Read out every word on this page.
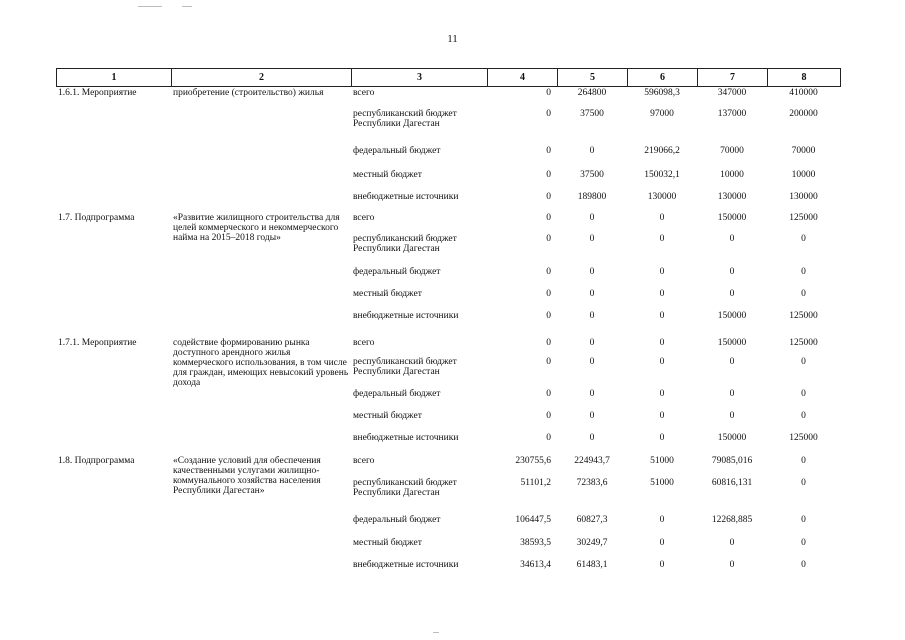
11
1	2	3	4	5	6	7	8
1.6.1. Мероприятие	приобретение (строительство) жилья	всего	0	264800	596098,3	347000	410000
		республиканский бюджет Республики Дагестан	0	37500	97000	137000	200000
		федеральный бюджет	0	0	219066,2	70000	70000
		местный бюджет	0	37500	150032,1	10000	10000
		внебюджетные источники	0	189800	130000	130000	130000
1.7. Подпрограмма	«Развитие жилищного строительства для целей коммерческого и некоммерческого найма на 2015–2018 годы»	всего	0	0	0	150000	125000
		республиканский бюджет Республики Дагестан	0	0	0	0	0
		федеральный бюджет	0	0	0	0	0
		местный бюджет	0	0	0	0	0
		внебюджетные источники	0	0	0	150000	125000
1.7.1. Мероприятие	содействие формированию рынка доступного арендного жилья коммерческого использования, в том числе для граждан, имеющих невысокий уровень дохода	всего	0	0	0	150000	125000
		республиканский бюджет Республики Дагестан	0	0	0	0	0
		федеральный бюджет	0	0	0	0	0
		местный бюджет	0	0	0	0	0
		внебюджетные источники	0	0	0	150000	125000
1.8. Подпрограмма	«Создание условий для обеспечения качественными услугами жилищно-коммунального хозяйства населения Республики Дагестан»	всего	230755,6	224943,7	51000	79085,016	0
		республиканский бюджет Республики Дагестан	51101,2	72383,6	51000	60816,131	0
		федеральный бюджет	106447,5	60827,3	0	12268,885	0
		местный бюджет	38593,5	30249,7	0	0	0
		внебюджетные источники	34613,4	61483,1	0	0	0
